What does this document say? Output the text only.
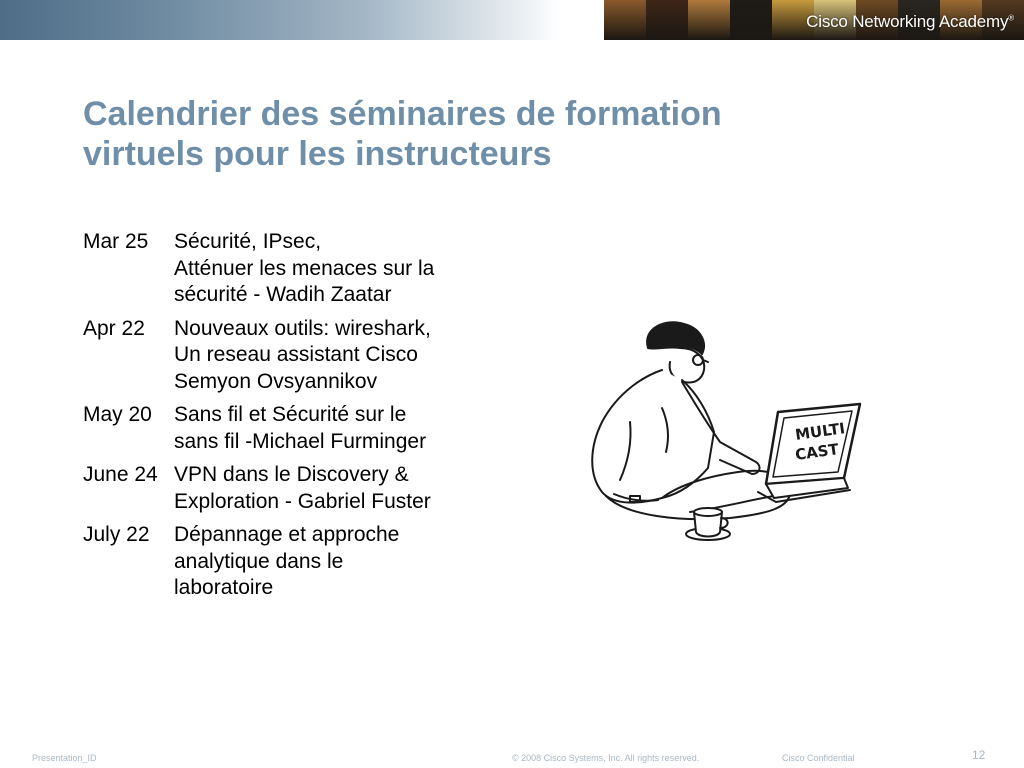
Cisco Networking Academy®
Calendrier des séminaires de formation
virtuels pour les instructeurs
Mar 25	Sécurité, IPsec,
Atténuer les menaces sur la
sécurité - Wadih Zaatar
Apr 22	Nouveaux outils: wireshark,
Un reseau assistant Cisco
Semyon Ovsyannikov
May 20	Sans fil et Sécurité sur le
sans fil -Michael Furminger
June 24 VPN dans le Discovery &
Exploration - Gabriel Fuster
July 22	Dépannage et approche
analytique dans le
laboratoire
MULTI
CAST
Presentation_ID	© 2008 Cisco Systems, Inc. All rights reserved.	Cisco Confidential	12
